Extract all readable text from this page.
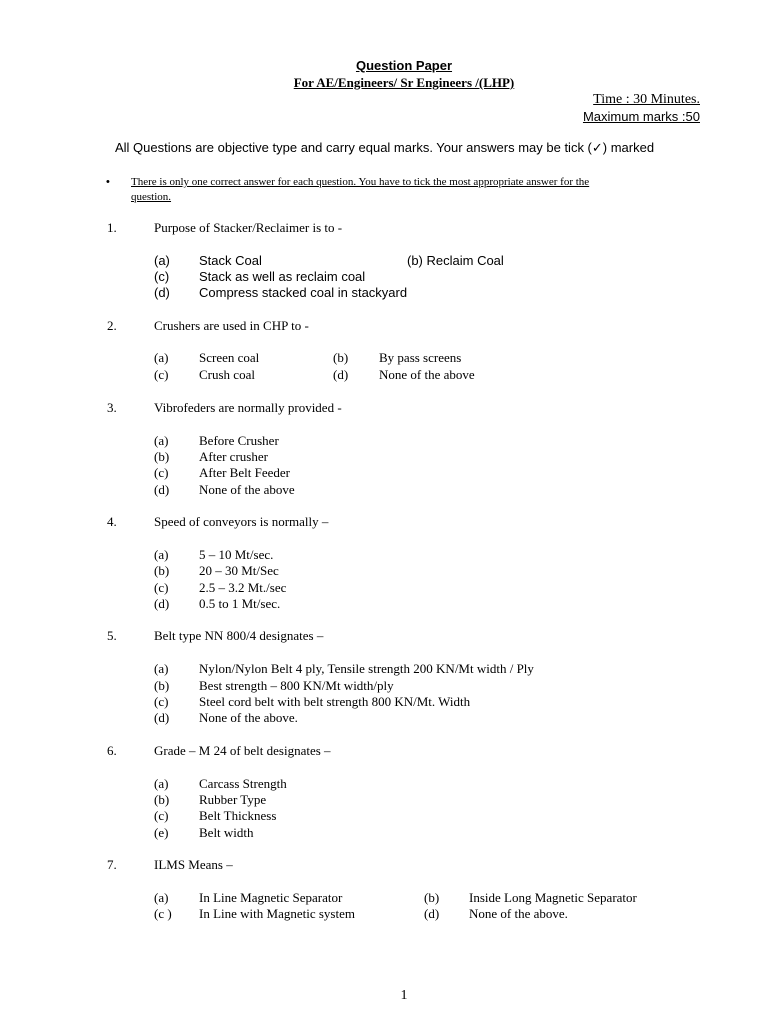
Question Paper
For AE/Engineers/ Sr Engineers /(LHP)
Time : 30 Minutes.
Maximum marks :50
All Questions are objective type and carry equal marks. Your answers may be tick (✓) marked
• There is only one correct answer for each question. You have to tick the most appropriate answer for the
question.
1.	Purpose of Stacker/Reclaimer is to -
(a) Stack Coal	(b) Reclaim Coal
(c) Stack as well as reclaim coal
(d) Compress stacked coal in stackyard
2.	Crushers are used in CHP to -
(a) Screen coal	(b) By pass screens
(c) Crush coal	(d) None of the above
3.	Vibrofeders are normally provided -
(a) Before Crusher
(b) After crusher
(c) After Belt Feeder
(d) None of the above
4.	Speed of conveyors is normally –
(a) 5 – 10 Mt/sec.
(b) 20 – 30 Mt/Sec
(c) 2.5 – 3.2 Mt./sec
(d) 0.5 to 1 Mt/sec.
5.	Belt type NN 800/4 designates –
(a) Nylon/Nylon Belt 4 ply, Tensile strength 200 KN/Mt width / Ply
(b) Best strength – 800 KN/Mt width/ply
(c) Steel cord belt with belt strength 800 KN/Mt. Width
(d) None of the above.
6.	Grade – M 24 of belt designates –
(a) Carcass Strength
(b) Rubber Type
(c) Belt Thickness
(e) Belt width
7.	ILMS Means –
(a) In Line Magnetic Separator	(b) Inside Long Magnetic Separator
(c ) In Line with Magnetic system	(d) None of the above.
1
